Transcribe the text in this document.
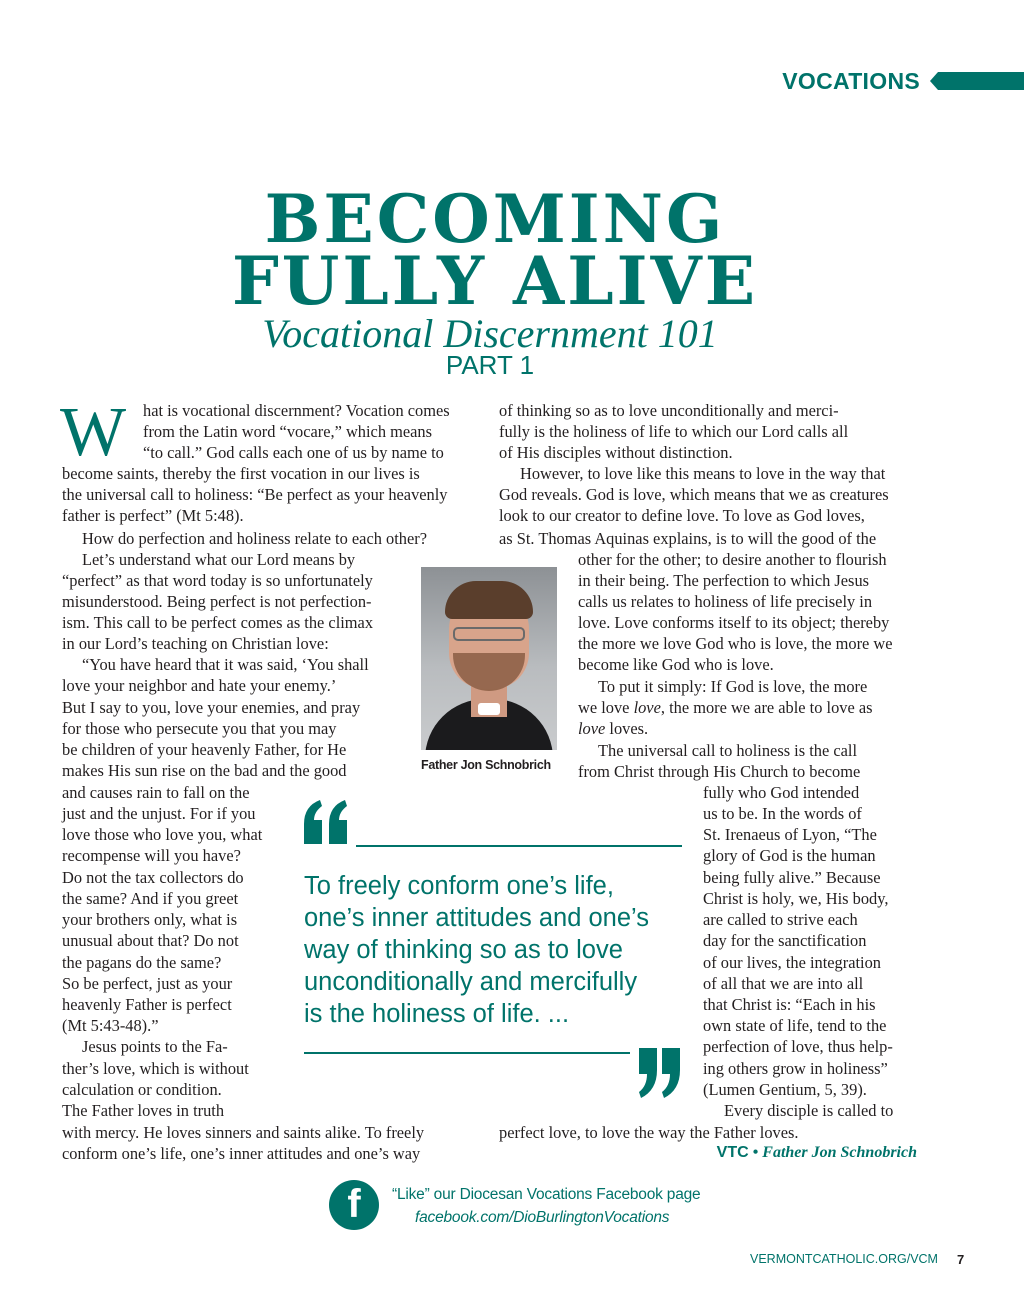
VOCATIONS
BECOMING
FULLY ALIVE
Vocational Discernment 101
PART 1
W hat is vocational discernment? Vocation comes
from the Latin word “vocare,” which means
“to call.” God calls each one of us by name to
become saints, thereby the first vocation in our lives is
the universal call to holiness: “Be perfect as your heavenly
father is perfect” (Mt 5:48).
How do perfection and holiness relate to each other?
Let’s understand what our Lord means by
“perfect” as that word today is so unfortunately
misunderstood. Being perfect is not perfection-
ism. This call to be perfect comes as the climax
in our Lord’s teaching on Christian love:
“You have heard that it was said, ‘You shall
love your neighbor and hate your enemy.’
But I say to you, love your enemies, and pray
for those who persecute you that you may
be children of your heavenly Father, for He
makes His sun rise on the bad and the good
and causes rain to fall on the
just and the unjust. For if you
love those who love you, what
recompense will you have?
Do not the tax collectors do
the same? And if you greet
your brothers only, what is
unusual about that? Do not
the pagans do the same?
So be perfect, just as your
heavenly Father is perfect
(Mt 5:43-48).”
Jesus points to the Fa-
ther’s love, which is without
calculation or condition.
The Father loves in truth
with mercy. He loves sinners and saints alike. To freely
conform one’s life, one’s inner attitudes and one’s way
of thinking so as to love unconditionally and merci-
fully is the holiness of life to which our Lord calls all
of His disciples without distinction.
However, to love like this means to love in the way that
God reveals. God is love, which means that we as creatures
look to our creator to define love. To love as God loves,
as St. Thomas Aquinas explains, is to will the good of the
other for the other; to desire another to flourish
in their being. The perfection to which Jesus
calls us relates to holiness of life precisely in
love. Love conforms itself to its object; thereby
the more we love God who is love, the more we
become like God who is love.
To put it simply: If God is love, the more
we love love, the more we are able to love as
love loves.
The universal call to holiness is the call
from Christ through His Church to become
fully who God intended
us to be. In the words of
St. Irenaeus of Lyon, “The
glory of God is the human
being fully alive.” Because
Christ is holy, we, His body,
are called to strive each
day for the sanctification
of our lives, the integration
of all that we are into all
that Christ is: “Each in his
own state of life, tend to the
perfection of love, thus help-
ing others grow in holiness”
(Lumen Gentium, 5, 39).
Every disciple is called to
perfect love, to love the way the Father loves.
Father Jon Schnobrich
To freely conform one’s life,
one’s inner attitudes and one’s
way of thinking so as to love
unconditionally and mercifully
is the holiness of life. ...
VTC • Father Jon Schnobrich
f	“Like” our Diocesan Vocations Facebook page
facebook.com/DioBurlingtonVocations
VERMONTCATHOLIC.ORG/VCM 7
